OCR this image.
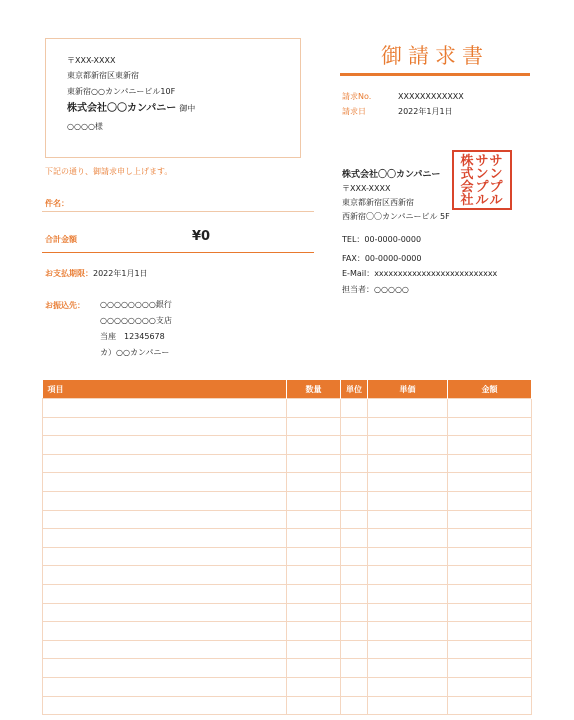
〒XXX-XXXX
東京都新宿区東新宿
東新宿○○カンパニービル10F
株式会社〇〇カンパニー 御中
○○○○様
御請求書
請求No.	XXXXXXXXXXXX
請求日	2022年1月1日
下記の通り、御請求申し上げます。
件名：
合計金額	¥0
お支払期限：2022年1月1日
お振込先： ○○○○○○○○銀行
○○○○○○○○支店
当座　12345678
カ）○○カンパニー
株式会社〇〇カンパニー
〒XXX-XXXX
東京都新宿区西新宿
西新宿〇〇カンパニービル 5F
TEL：00-0000-0000
FAX：00-0000-0000
E-Mail：xxxxxxxxxxxxxxxxxxxxxxxxxx
担当者：○○○○○
サ
ン
プ
ル
サ
ン
プ
ル
株
式
会
社
項目	数量	単位	単価	金額
